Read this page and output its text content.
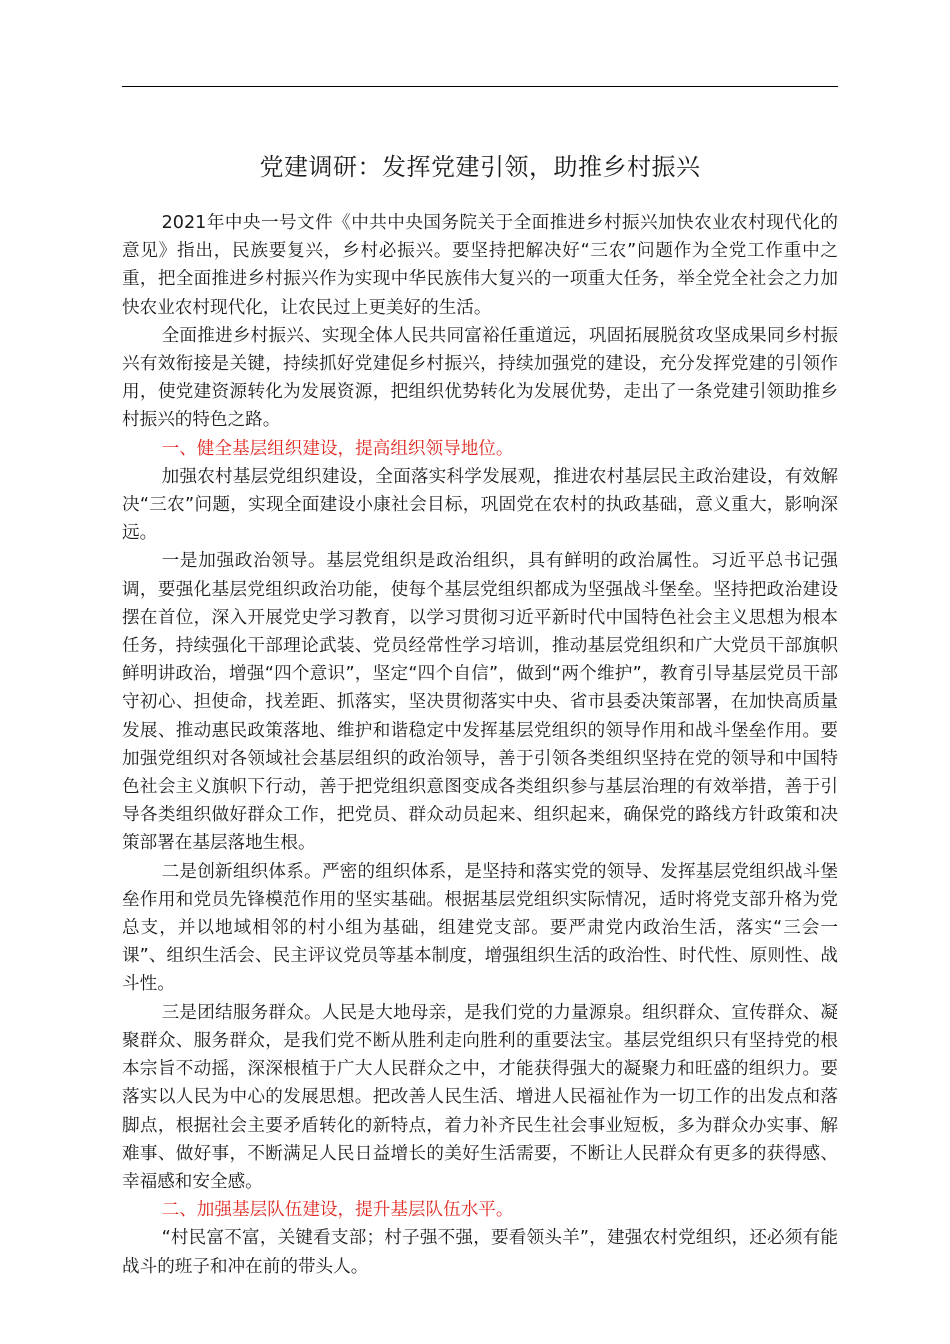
党建调研：发挥党建引领，助推乡村振兴

2021年中央一号文件《中共中央国务院关于全面推进乡村振兴加快农业农村现代化的意见》指出，民族要复兴，乡村必振兴。要坚持把解决好“三农”问题作为全党工作重中之重，把全面推进乡村振兴作为实现中华民族伟大复兴的一项重大任务，举全党全社会之力加快农业农村现代化，让农民过上更美好的生活。

全面推进乡村振兴、实现全体人民共同富裕任重道远，巩固拓展脱贫攻坚成果同乡村振兴有效衔接是关键，持续抓好党建促乡村振兴，持续加强党的建设，充分发挥党建的引领作用，使党建资源转化为发展资源，把组织优势转化为发展优势，走出了一条党建引领助推乡村振兴的特色之路。

一、健全基层组织建设，提高组织领导地位。

加强农村基层党组织建设，全面落实科学发展观，推进农村基层民主政治建设，有效解决“三农”问题，实现全面建设小康社会目标，巩固党在农村的执政基础，意义重大，影响深远。

一是加强政治领导。基层党组织是政治组织，具有鲜明的政治属性。习近平总书记强调，要强化基层党组织政治功能，使每个基层党组织都成为坚强战斗堡垒。坚持把政治建设摆在首位，深入开展党史学习教育，以学习贯彻习近平新时代中国特色社会主义思想为根本任务，持续强化干部理论武装、党员经常性学习培训，推动基层党组织和广大党员干部旗帜鲜明讲政治，增强“四个意识”，坚定“四个自信”，做到“两个维护”，教育引导基层党员干部守初心、担使命，找差距、抓落实，坚决贯彻落实中央、省市县委决策部署，在加快高质量发展、推动惠民政策落地、维护和谐稳定中发挥基层党组织的领导作用和战斗堡垒作用。要加强党组织对各领域社会基层组织的政治领导，善于引领各类组织坚持在党的领导和中国特色社会主义旗帜下行动，善于把党组织意图变成各类组织参与基层治理的有效举措，善于引导各类组织做好群众工作，把党员、群众动员起来、组织起来，确保党的路线方针政策和决策部署在基层落地生根。

二是创新组织体系。严密的组织体系，是坚持和落实党的领导、发挥基层党组织战斗堡垒作用和党员先锋模范作用的坚实基础。根据基层党组织实际情况，适时将党支部升格为党总支，并以地域相邻的村小组为基础，组建党支部。要严肃党内政治生活，落实“三会一课”、组织生活会、民主评议党员等基本制度，增强组织生活的政治性、时代性、原则性、战斗性。

三是团结服务群众。人民是大地母亲，是我们党的力量源泉。组织群众、宣传群众、凝聚群众、服务群众，是我们党不断从胜利走向胜利的重要法宝。基层党组织只有坚持党的根本宗旨不动摇，深深根植于广大人民群众之中，才能获得强大的凝聚力和旺盛的组织力。要落实以人民为中心的发展思想。把改善人民生活、增进人民福祉作为一切工作的出发点和落脚点，根据社会主要矛盾转化的新特点，着力补齐民生社会事业短板，多为群众办实事、解难事、做好事，不断满足人民日益增长的美好生活需要，不断让人民群众有更多的获得感、幸福感和安全感。

二、加强基层队伍建设，提升基层队伍水平。

“村民富不富，关键看支部；村子强不强，要看领头羊”，建强农村党组织，还必须有能战斗的班子和冲在前的带头人。
